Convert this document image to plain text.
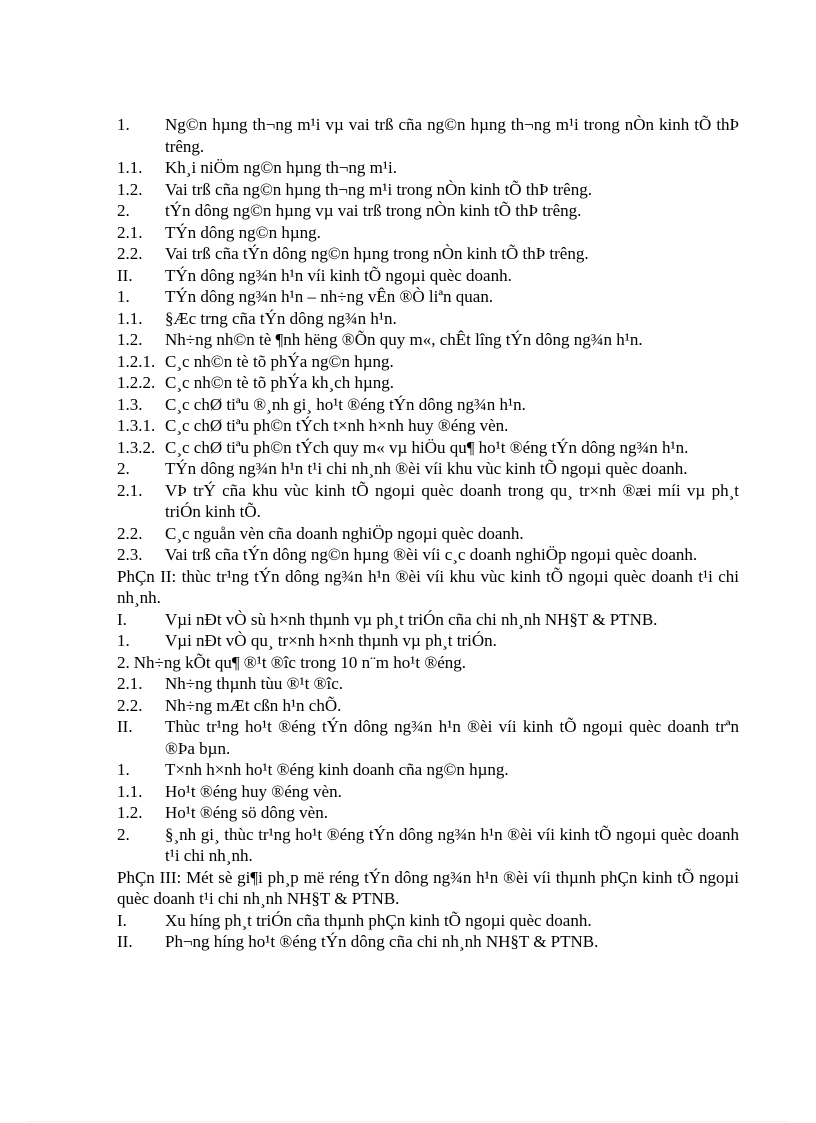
1.	Ng©n hµng th¬ng m¹i vµ vai trß cña ng©n hµng th¬ng m¹i trong nÒn kinh tÕ thÞ trêng.
1.1.	Kh¸i niÖm ng©n hµng th¬ng m¹i.
1.2.	Vai trß cña ng©n hµng th¬ng m¹i trong nÒn kinh tÕ thÞ trêng.
2.	tÝn dông ng©n hµng vµ vai trß trong nÒn kinh tÕ thÞ trêng.
2.1.	TÝn dông ng©n hµng.
2.2.	Vai trß cña tÝn dông ng©n hµng trong nÒn kinh tÕ thÞ trêng.
II.	TÝn dông ng¾n h¹n víi kinh tÕ ngoµi quèc doanh.
1.	TÝn dông ng¾n h¹n – nh÷ng vÊn ®Ò liªn quan.
1.1.	§Æc trng cña tÝn dông ng¾n h¹n.
1.2.	Nh÷ng nh©n tè ¶nh hëng ®Õn quy m«, chÊt lîng tÝn dông ng¾n h¹n.
1.2.1. C¸c nh©n tè tõ phÝa ng©n hµng.
1.2.2. C¸c nh©n tè tõ phÝa kh¸ch hµng.
1.3.	C¸c chØ tiªu ®¸nh gi¸ ho¹t ®éng tÝn dông ng¾n h¹n.
1.3.1. C¸c chØ tiªu ph©n tÝch t×nh h×nh huy ®éng vèn.
1.3.2. C¸c chØ tiªu ph©n tÝch quy m« vµ hiÖu qu¶ ho¹t ®éng tÝn dông ng¾n h¹n.
2.	TÝn dông ng¾n h¹n t¹i chi nh¸nh ®èi víi khu vùc kinh tÕ ngoµi quèc doanh.
2.1.	VÞ trÝ cña khu vùc kinh tÕ ngoµi quèc doanh trong qu¸ tr×nh ®æi míi vµ ph¸t triÓn kinh tÕ.
2.2.	C¸c nguån vèn cña doanh nghiÖp ngoµi quèc doanh.
2.3.	Vai trß cña tÝn dông ng©n hµng ®èi víi c¸c doanh nghiÖp ngoµi quèc doanh.
PhÇn II: thùc tr¹ng tÝn dông ng¾n h¹n ®èi víi khu vùc kinh tÕ ngoµi quèc doanh t¹i chi nh¸nh.
I.	Vµi nÐt vÒ sù h×nh thµnh vµ ph¸t triÓn cña chi nh¸nh NH§T & PTNB.
1.	Vµi nÐt vÒ qu¸ tr×nh h×nh thµnh vµ ph¸t triÓn.
2. Nh÷ng kÕt qu¶ ®¹t ®îc trong 10 n¨m ho¹t ®éng.
2.1.	Nh÷ng thµnh tùu ®¹t ®îc.
2.2.	Nh÷ng mÆt cßn h¹n chÕ.
II.	Thùc tr¹ng ho¹t ®éng tÝn dông ng¾n h¹n ®èi víi kinh tÕ ngoµi quèc doanh trªn ®Þa bµn.
1.	T×nh h×nh ho¹t ®éng kinh doanh cña ng©n hµng.
1.1.	Ho¹t ®éng huy ®éng vèn.
1.2.	Ho¹t ®éng sö dông vèn.
2.	§¸nh gi¸ thùc tr¹ng ho¹t ®éng tÝn dông ng¾n h¹n ®èi víi kinh tÕ ngoµi quèc doanh t¹i chi nh¸nh.
PhÇn III: Mét sè gi¶i ph¸p më réng tÝn dông ng¾n h¹n ®èi víi thµnh phÇn kinh tÕ ngoµi quèc doanh t¹i chi nh¸nh NH§T & PTNB.
I.	Xu híng ph¸t triÓn cña thµnh phÇn kinh tÕ ngoµi quèc doanh.
II.	Ph¬ng híng ho¹t ®éng tÝn dông cña chi nh¸nh NH§T & PTNB.
